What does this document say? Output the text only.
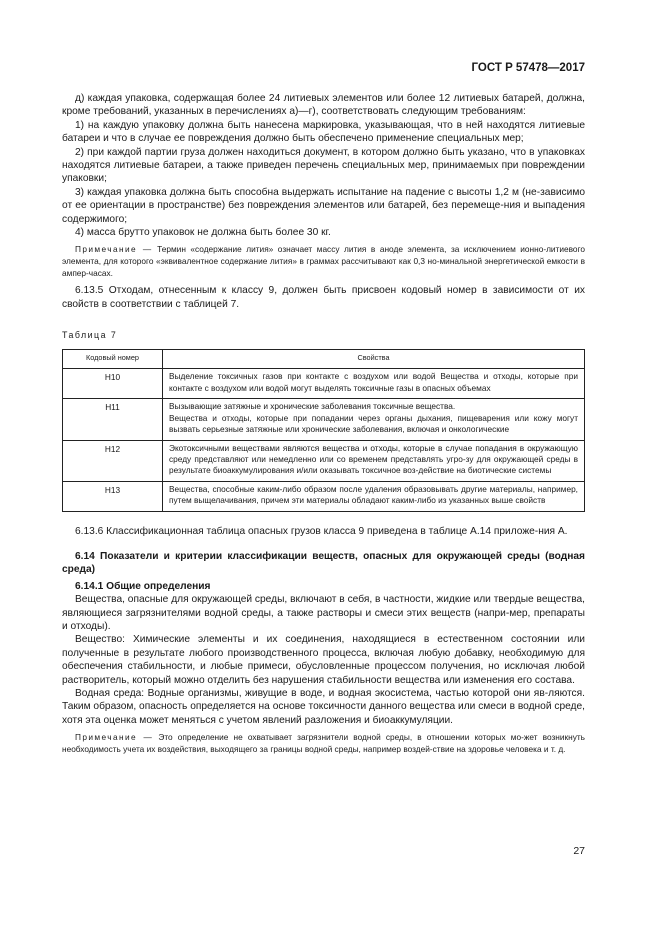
ГОСТ Р 57478—2017

д) каждая упаковка, содержащая более 24 литиевых элементов или более 12 литиевых батарей, должна, кроме требований, указанных в перечислениях а)—г), соответствовать следующим требованиям:

1) на каждую упаковку должна быть нанесена маркировка, указывающая, что в ней находятся литиевые батареи и что в случае ее повреждения должно быть обеспечено применение специальных мер;

2) при каждой партии груза должен находиться документ, в котором должно быть указано, что в упаковках находятся литиевые батареи, а также приведен перечень специальных мер, принимаемых при повреждении упаковки;

3) каждая упаковка должна быть способна выдержать испытание на падение с высоты 1,2 м (не-зависимо от ее ориентации в пространстве) без повреждения элементов или батарей, без перемеще-ния и выпадения содержимого;

4) масса брутто упаковок не должна быть более 30 кг.

Примечание — Термин «содержание лития» означает массу лития в аноде элемента, за исключением ионно-литиевого элемента, для которого «эквивалентное содержание лития» в граммах рассчитывают как 0,3 но-минальной энергетической емкости в ампер-часах.

6.13.5 Отходам, отнесенным к классу 9, должен быть присвоен кодовый номер в зависимости от их свойств в соответствии с таблицей 7.

Таблица 7
Кодовый номер	Свойства
H10	Выделение токсичных газов при контакте с воздухом или водой Вещества и отходы, которые при контакте с воздухом или водой могут выделять токсичные газы в опасных объемах
H11	Вызывающие затяжные и хронические заболевания токсичные вещества.
Вещества и отходы, которые при попадании через органы дыхания, пищеварения или кожу могут вызвать серьезные затяжные или хронические заболевания, включая и онкологические

H12	Экотоксичными веществами являются вещества и отходы, которые в случае попадания в окружающую среду представляют или немедленно или со временем представлять угро-зу для окружающей среды в результате биоаккумулирования и/или оказывать токсичное воз-действие на биотические системы
H13	Вещества, способные каким-либо образом после удаления образовывать другие материалы, например, путем выщелачивания, причем эти материалы обладают каким-либо из указанных выше свойств

6.13.6 Классификационная таблица опасных грузов класса 9 приведена в таблице А.14 приложе-ния А.

6.14 Показатели и критерии классификации веществ, опасных для окружающей среды (водная среда)

6.14.1 Общие определения

Вещества, опасные для окружающей среды, включают в себя, в частности, жидкие или твердые вещества, являющиеся загрязнителями водной среды, а также растворы и смеси этих веществ (напри-мер, препараты и отходы).

Вещество: Химические элементы и их соединения, находящиеся в естественном состоянии или полученные в результате любого производственного процесса, включая любую добавку, необходимую для обеспечения стабильности, и любые примеси, обусловленные процессом получения, но исключая любой растворитель, который можно отделить без нарушения стабильности вещества или изменения его состава.

Водная среда: Водные организмы, живущие в воде, и водная экосистема, частью которой они яв-ляются. Таким образом, опасность определяется на основе токсичности данного вещества или смеси в водной среде, хотя эта оценка может меняться с учетом явлений разложения и биоаккумуляции.

Примечание — Это определение не охватывает загрязнители водной среды, в отношении которых мо-жет возникнуть необходимость учета их воздействия, выходящего за границы водной среды, например воздей-ствие на здоровье человека и т. д.

27
